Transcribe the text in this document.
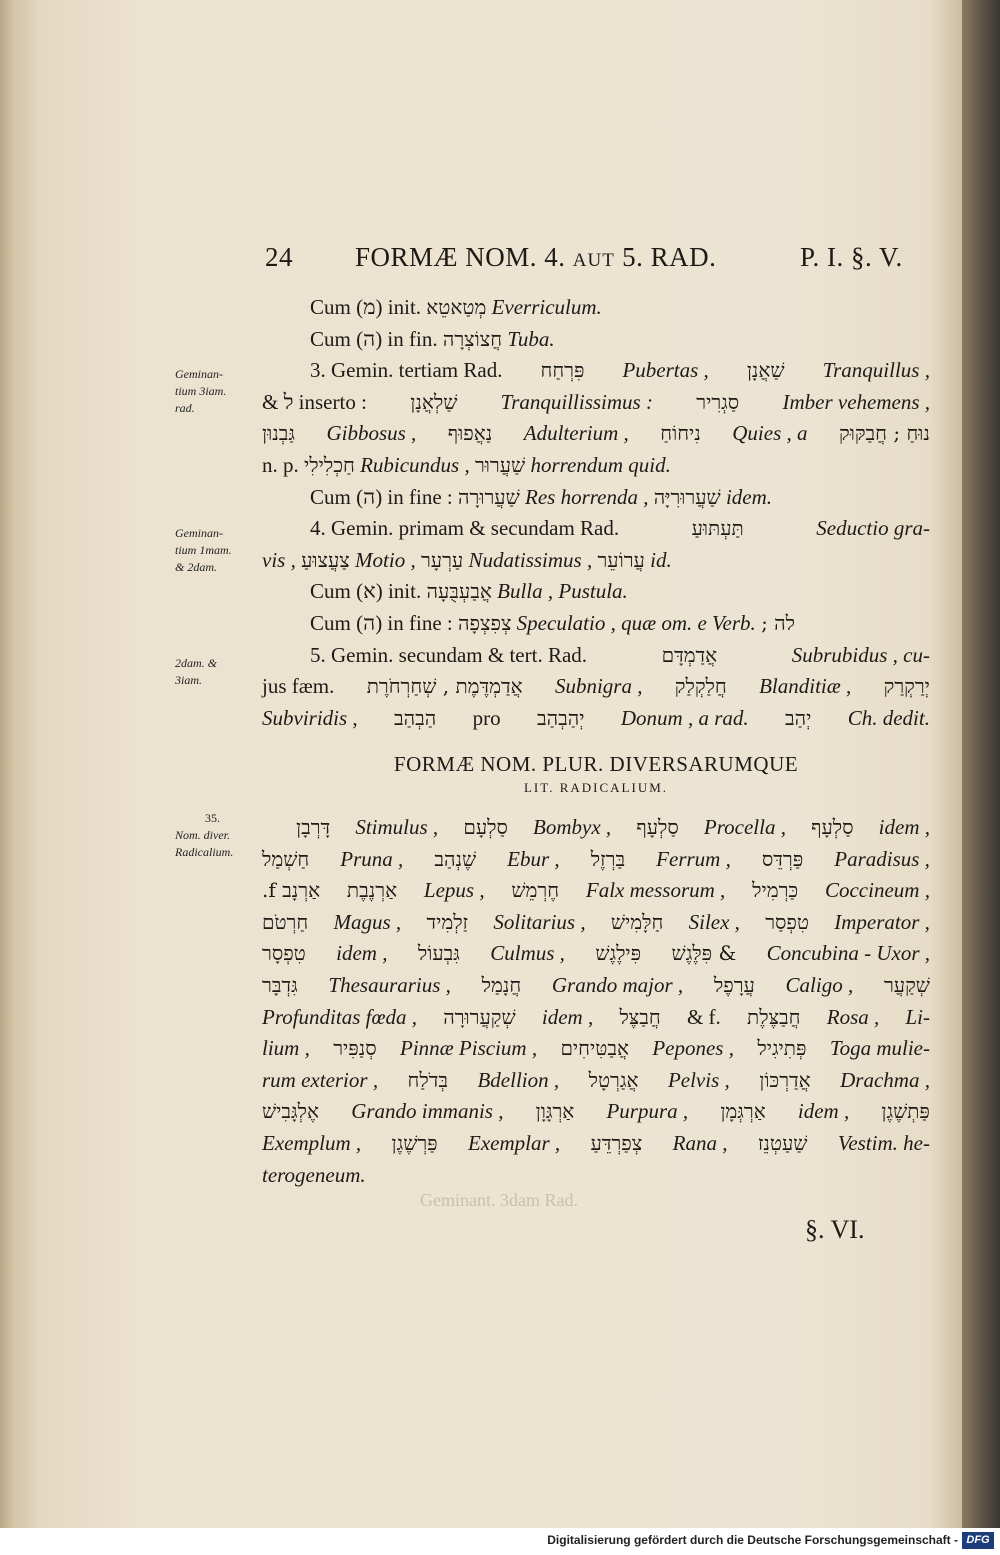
Geminant. 3dam Rad.
24 FORMÆ NOM. 4. AUT 5. RAD.	P. I. §. V.
Geminan-
tium 3iam.
rad.
Geminan-
tium 1mam.
& 2dam.
2dam. &
3iam.
35.
Nom. diver.
Radicalium.
Cum (מ) init. מְטַאטֵא Everriculum.
Cum (ה) in fin. חֲצוֹצְרָה Tuba.
3. Gemin. tertiam Rad. פִּרְחַח Pubertas , שַׁאֲנָן Tranquillus ,
& ל inserto : שַׁלְאֲנָן Tranquillissimus : סַגְרִיר Imber vehemens ,
גַּבְנוּן Gibbosus , נַאֲפוּף Adulterium , נִיחוֹחַ Quies , a נוּחַ ; חֲבַקּוּק
n. p. חַכְלִילִי Rubicundus , שַׁעֲרוּר horrendum quid.
Cum (ה) in fine : שַׁעֲרוּרָה Res horrenda , שַׁעֲרוּרִיָּה idem.
4. Gemin. primam & secundam Rad.	תַּעְתּוּעַ	Seductio gra-
vis , צַעֲצוּעַ Motio , עַרְעָר Nudatissimus , עֲרוֹעֵר id.
Cum (א) init. אֲבַעְבֻּעָה Bulla , Pustula.
Cum (ה) in fine : צְפִצְפָה Speculatio , quæ om. e Verb. לה ;
5. Gemin. secundam & tert. Rad.	אֲדַמְדָּם	Subrubidus , cu-
jus fæm. אֲדַמְדֶּמֶת , שְׁחַרְחֹרֶת Subnigra , חֲלַקְלַק Blanditiæ , יְרַקְרַק
Subviridis , הַבְהַב pro יְהַבְהַב Donum , a rad. יְהַב Ch. dedit.
FORMÆ NOM. PLUR. DIVERSARUMQUE
LIT. RADICALIUM.
דָּרְבָן Stimulus , סַלְעָם Bombyx , סַלְעָף Procella , סַלְעָף idem ,
חַשְׁמַל Pruna , שֶׁנְהַב Ebur , בַּרְזֶל Ferrum , פַּרְדֵּס Paradisus ,
אַרְנָב f. אַרְנֶבֶת Lepus , חֶרְמֵשׁ Falx messorum , כַּרְמִיל Coccineum ,
חַרְטֹם Magus , זַלְמִיד Solitarius , חַלָּמִישׁ Silex , טִפְסַר Imperator ,
טִפְסָר idem , גִּבְעוֹל Culmus , פִּילֶגֶשׁ & פִּלֶּגֶשׁ Concubina - Uxor ,
גִּדְבָּר Thesaurarius , חֲנָמַל Grando major , עֲרָפֶל Caligo , שְׁקַעֲר
Profunditas fœda , שְׁקַעֲרוּרָה idem , חֲבַצֶּל & f. חֲבַצֶּלֶת Rosa , Li-
lium , סְנַפִּיר Pinnæ Piscium , אֲבַטִּיחִים Pepones , פְּתִיגִיל Toga mulie-
rum exterior , בְּדֹלַח Bdellion , אֲגַרְטָל Pelvis , אֲדַרְכּוֹן Drachma ,
אֶלְגָּבִישׁ Grando immanis , אַרְגָּוָן Purpura , אַרְגְּמָן idem , פַּתְשֶׁגֶן
Exemplum , פַּרְשֶׁגֶן Exemplar , צְפַרְדֵּעַ Rana , שַׁעַטְנֵז Vestim. he-
terogeneum.
§. VI.
Digitalisierung gefördert durch die Deutsche Forschungsgemeinschaft - DFG
